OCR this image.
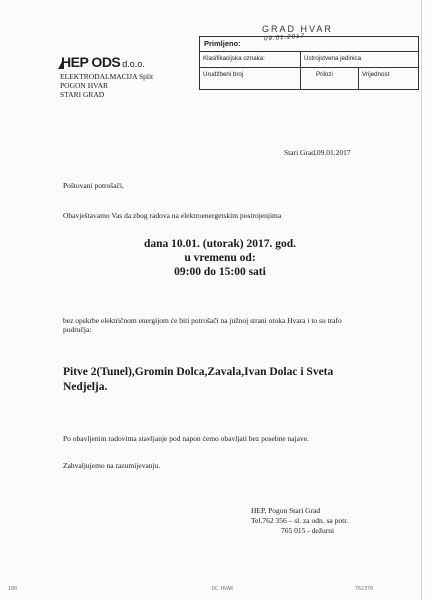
GRAD HVAR
Primljeno:
09.01.2017
Klasifikacijska oznaka:	Ustrojstvena jedinica
Urudžbeni broj	Prilozi	Vrijednost
HEP ODS d.o.o.
ELEKTRODALMACIJA Split
POGON HVAR
STARI GRAD
Stari Grad,09.01.2017
Poštovani potrošači,
Obavještavamo Vas da zbog radova na elektroenergetskim postrojenjima
dana 10.01. (utorak) 2017. god.
u vremenu od:
09:00 do 15:00 sati
bez opskrbe električnom energijom će biti potrošači na južnoj strani otoka Hvara i to su trafo
područja:
Pitve 2(Tunel),Gromin Dolca,Zavala,Ivan Dolac i Sveta
Nedjelja.
Po obavljenim radovima stavljanje pod napon ćemo obavljati bez posebne najave.
Zahvaljujemo na razumijevanju.
HEP, Pogon Stari Grad
Tel.762 356 – sl. za odn. sa potr.
765 015 - dežurni
100	DC HVAR	762370
